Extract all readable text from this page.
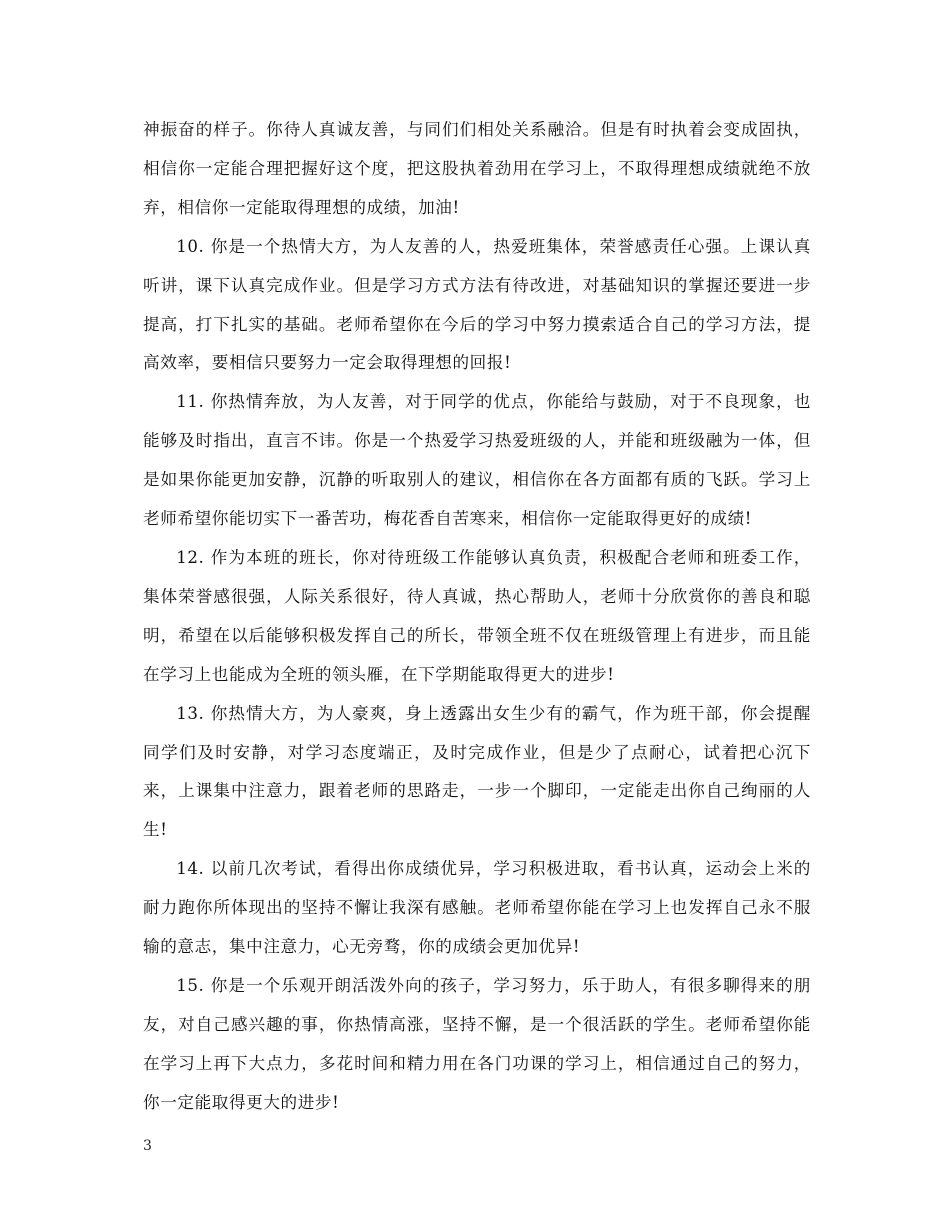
神振奋的样子。你待人真诚友善，与同们们相处关系融洽。但是有时执着会变成固执，相信你一定能合理把握好这个度，把这股执着劲用在学习上，不取得理想成绩就绝不放弃，相信你一定能取得理想的成绩，加油!

10. 你是一个热情大方，为人友善的人，热爱班集体，荣誉感责任心强。上课认真听讲，课下认真完成作业。但是学习方式方法有待改进，对基础知识的掌握还要进一步提高，打下扎实的基础。老师希望你在今后的学习中努力摸索适合自己的学习方法，提高效率，要相信只要努力一定会取得理想的回报!

11. 你热情奔放，为人友善，对于同学的优点，你能给与鼓励，对于不良现象，也能够及时指出，直言不讳。你是一个热爱学习热爱班级的人，并能和班级融为一体，但是如果你能更加安静，沉静的听取别人的建议，相信你在各方面都有质的飞跃。学习上老师希望你能切实下一番苦功，梅花香自苦寒来，相信你一定能取得更好的成绩!

12. 作为本班的班长，你对待班级工作能够认真负责，积极配合老师和班委工作，集体荣誉感很强，人际关系很好，待人真诚，热心帮助人，老师十分欣赏你的善良和聪明，希望在以后能够积极发挥自己的所长，带领全班不仅在班级管理上有进步，而且能在学习上也能成为全班的领头雁，在下学期能取得更大的进步!

13. 你热情大方，为人豪爽，身上透露出女生少有的霸气，作为班干部，你会提醒同学们及时安静，对学习态度端正，及时完成作业，但是少了点耐心，试着把心沉下来，上课集中注意力，跟着老师的思路走，一步一个脚印，一定能走出你自己绚丽的人生!

14. 以前几次考试，看得出你成绩优异，学习积极进取，看书认真，运动会上米的耐力跑你所体现出的坚持不懈让我深有感触。老师希望你能在学习上也发挥自己永不服输的意志，集中注意力，心无旁骛，你的成绩会更加优异!

15. 你是一个乐观开朗活泼外向的孩子，学习努力，乐于助人，有很多聊得来的朋友，对自己感兴趣的事，你热情高涨，坚持不懈，是一个很活跃的学生。老师希望你能在学习上再下大点力，多花时间和精力用在各门功课的学习上，相信通过自己的努力，你一定能取得更大的进步!

3
